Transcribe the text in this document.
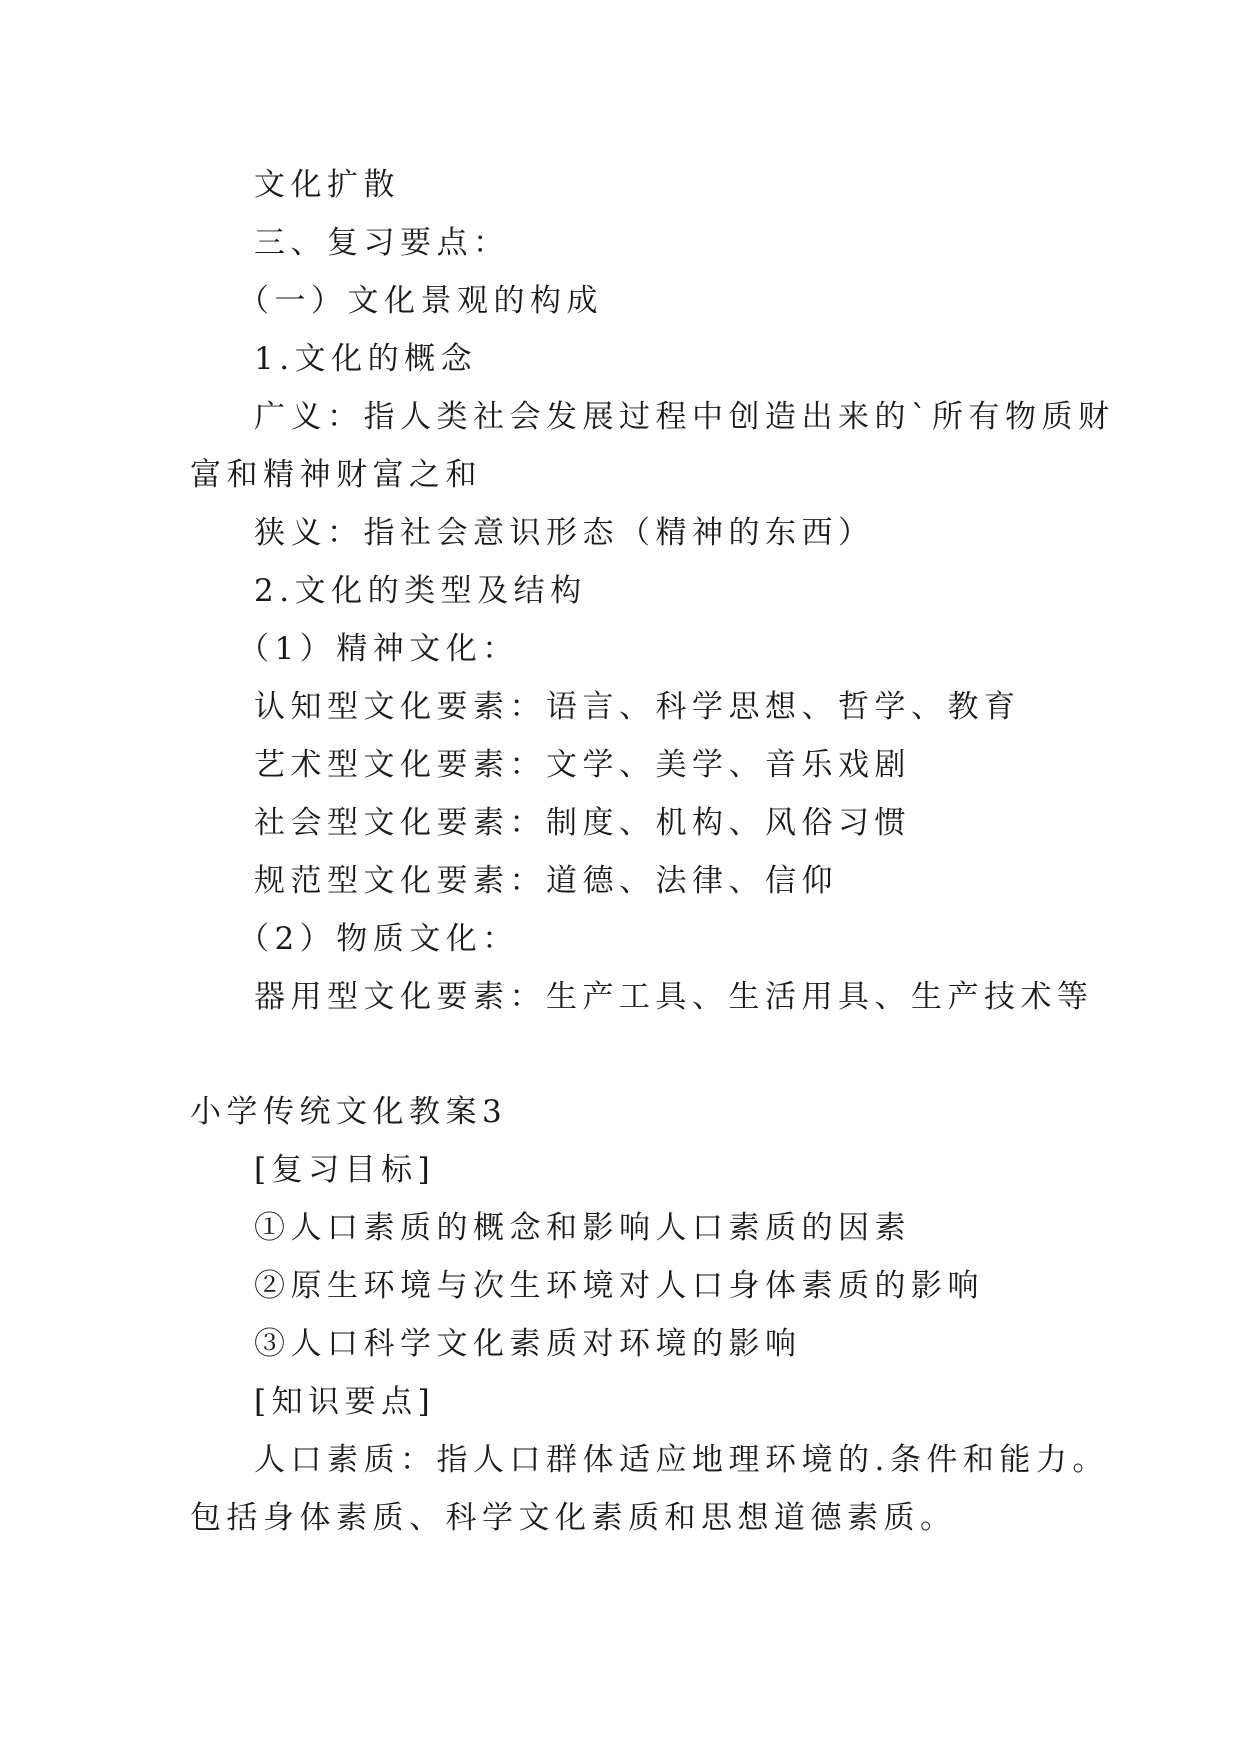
文化扩散
三、复习要点：
（一）文化景观的构成
1.文化的概念
广义：指人类社会发展过程中创造出来的`所有物质财
富和精神财富之和
狭义：指社会意识形态（精神的东西）
2.文化的类型及结构
（1）精神文化：
认知型文化要素：语言、科学思想、哲学、教育
艺术型文化要素：文学、美学、音乐戏剧
社会型文化要素：制度、机构、风俗习惯
规范型文化要素：道德、法律、信仰
（2）物质文化：
器用型文化要素：生产工具、生活用具、生产技术等
小学传统文化教案3
[复习目标]
①人口素质的概念和影响人口素质的因素
②原生环境与次生环境对人口身体素质的影响
③人口科学文化素质对环境的影响
[知识要点]
人口素质：指人口群体适应地理环境的.条件和能力。
包括身体素质、科学文化素质和思想道德素质。
